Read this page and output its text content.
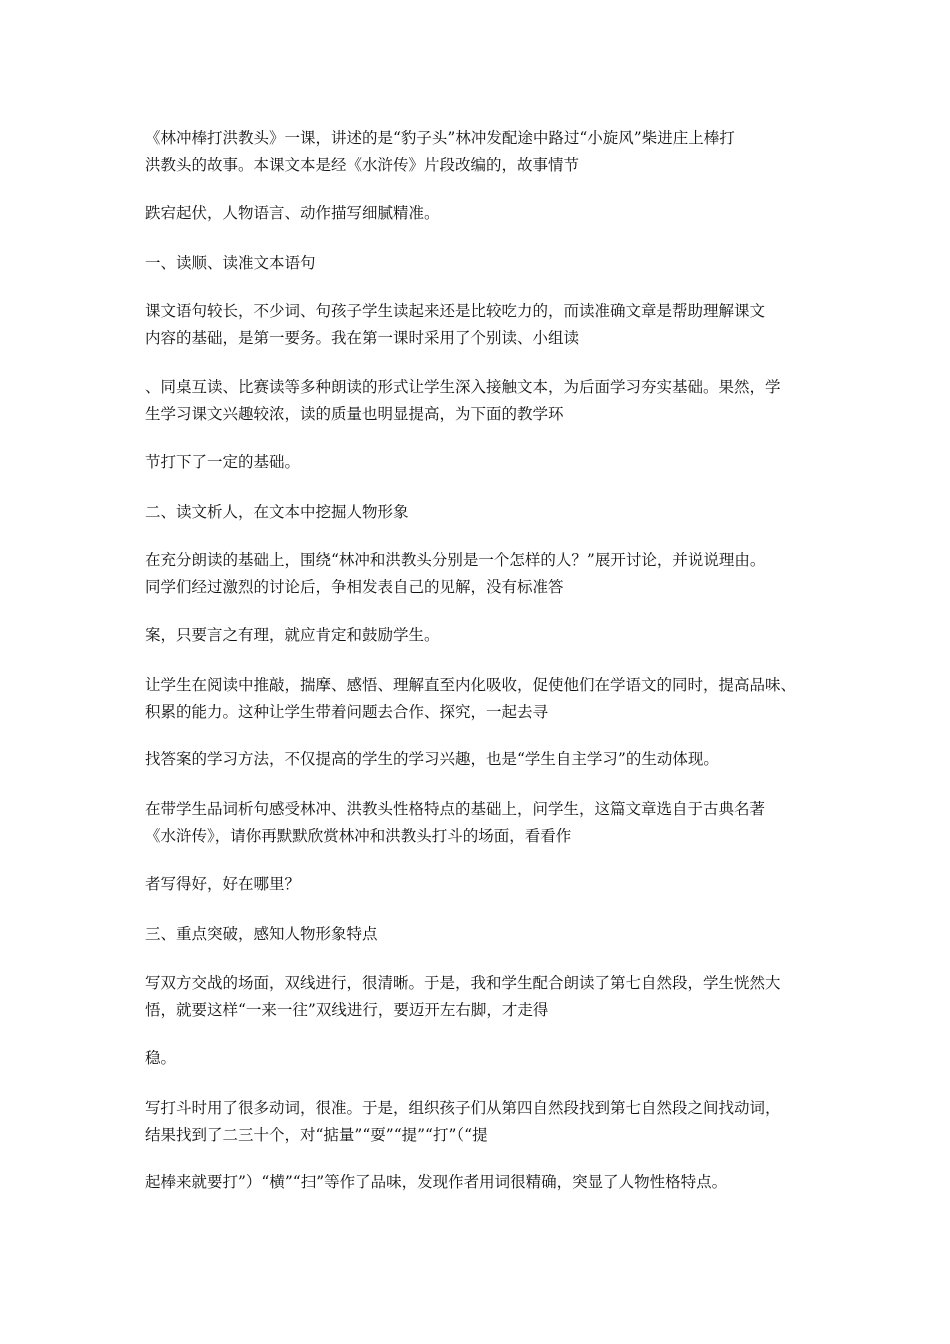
《林冲棒打洪教头》一课，讲述的是“豹子头”林冲发配途中路过“小旋风”柴进庄上棒打
洪教头的故事。本课文本是经《水浒传》片段改编的，故事情节
跌宕起伏，人物语言、动作描写细腻精准。
一、读顺、读准文本语句
课文语句较长，不少词、句孩子学生读起来还是比较吃力的，而读准确文章是帮助理解课文
内容的基础，是第一要务。我在第一课时采用了个别读、小组读
、同桌互读、比赛读等多种朗读的形式让学生深入接触文本，为后面学习夯实基础。果然，学
生学习课文兴趣较浓，读的质量也明显提高，为下面的教学环
节打下了一定的基础。
二、读文析人，在文本中挖掘人物形象
在充分朗读的基础上，围绕“林冲和洪教头分别是一个怎样的人？”展开讨论，并说说理由。
同学们经过激烈的讨论后，争相发表自己的见解，没有标准答
案，只要言之有理，就应肯定和鼓励学生。
让学生在阅读中推敲，揣摩、感悟、理解直至内化吸收，促使他们在学语文的同时，提高品味、
积累的能力。这种让学生带着问题去合作、探究，一起去寻
找答案的学习方法，不仅提高的学生的学习兴趣，也是“学生自主学习”的生动体现。
在带学生品词析句感受林冲、洪教头性格特点的基础上，问学生，这篇文章选自于古典名著
《水浒传》，请你再默默欣赏林冲和洪教头打斗的场面，看看作
者写得好，好在哪里？
三、重点突破，感知人物形象特点
写双方交战的场面，双线进行，很清晰。于是，我和学生配合朗读了第七自然段，学生恍然大
悟，就要这样“一来一往”双线进行，要迈开左右脚，才走得
稳。
写打斗时用了很多动词，很准。于是，组织孩子们从第四自然段找到第七自然段之间找动词，
结果找到了二三十个，对“掂量”“耍”“提”“打”（“提
起棒来就要打”）“横”“扫”等作了品味，发现作者用词很精确，突显了人物性格特点。
